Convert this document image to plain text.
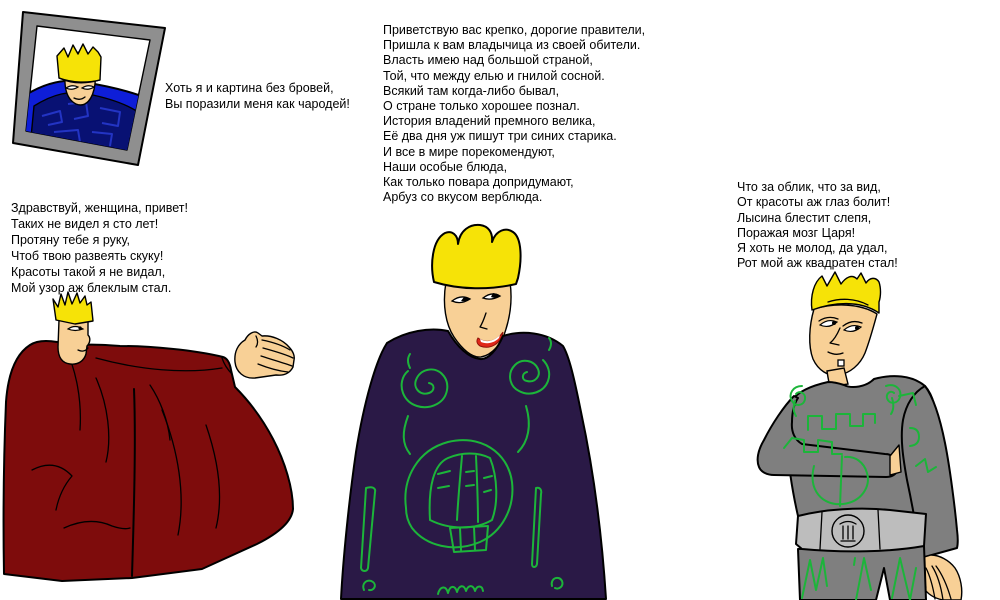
Хоть я и картина без бровей,
Вы поразили меня как чародей!
Приветствую вас крепко, дорогие правители,
Пришла к вам владычица из своей обители.
Власть имею над большой страной,
Той, что между елью и гнилой сосной.
Всякий там когда-либо бывал,
О стране только хорошее познал.
История владений премного велика,
Её два дня уж пишут три синих старика.
И все в мире порекомендуют,
Наши особые блюда,
Как только повара допридумают,
Арбуз со вкусом верблюда.
Здравствуй, женщина, привет!
Таких не видел я сто лет!
Протяну тебе я руку,
Чтоб твою развеять скуку!
Красоты такой я не видал,
Мой узор аж блеклым стал.
Что за облик, что за вид,
От красоты аж глаз болит!
Лысина блестит слепя,
Поражая мозг Царя!
Я хоть не молод, да удал,
Рот мой аж квадратен стал!
